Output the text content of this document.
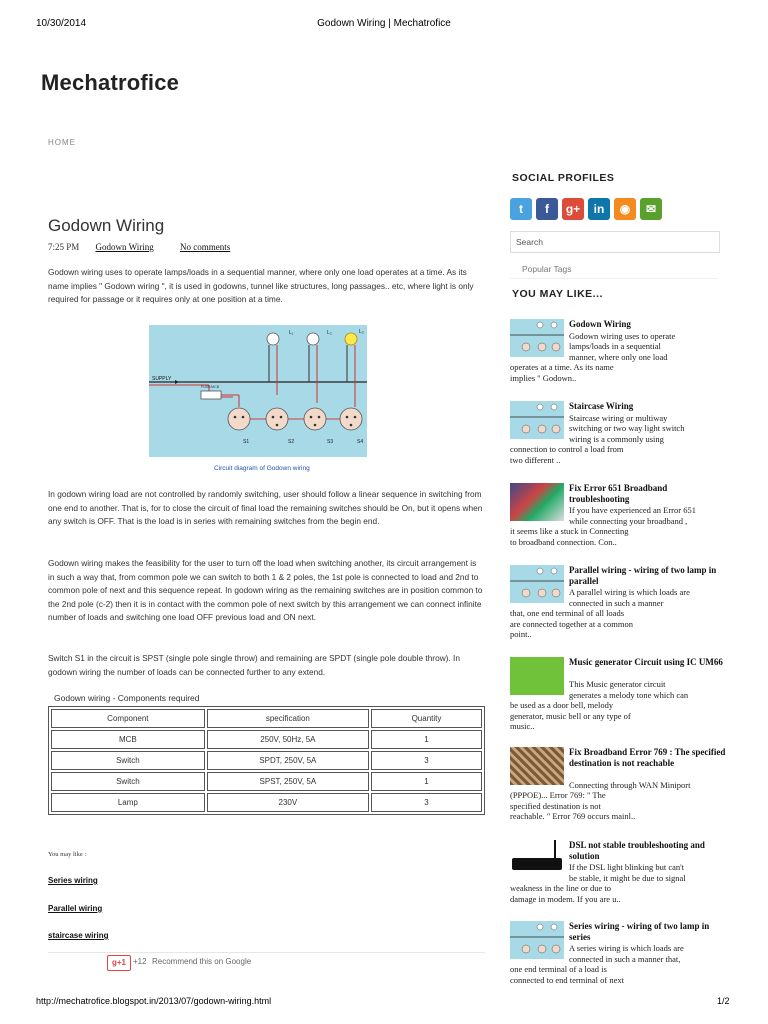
10/30/2014	Godown Wiring | Mechatrofice
Mechatrofice
HOME
Godown Wiring
7:25 PM Godown Wiring	No comments
Godown wiring uses to operate lamps/loads in a sequential manner, where only one load operates at a time. As its name implies " Godown wiring ", it is used in godowns, tunnel like structures, long passages.. etc, where light is only required for passage or it requires only at one position at a time.
FUSE/MCB
SUPPLY
L₁	L₂	L₃
S1	S2	S3	S4
Circuit diagram of Godown wiring
In godown wiring load are not controlled by randomly switching, user should follow a linear sequence in switching from one end to another. That is, for to close the circuit of final load the remaining switches should be On, but it opens when any switch is OFF. That is the load is in series with remaining switches from the begin end.
Godown wiring makes the feasibility for the user to turn off the load when switching another, its circuit arrangement is in such a way that, from common pole we can switch to both 1 & 2 poles, the 1st pole is connected to load and 2nd to common pole of next and this sequence repeat. In godown wiring as the remaining switches are in position common to the 2nd pole (c-2) then it is in contact with the common pole of next switch by this arrangement we can connect infinite number of loads and switching one load OFF previous load and ON next.
Switch S1 in the circuit is SPST (single pole single throw) and remaining are SPDT (single pole double throw). In godown wiring the number of loads can be connected further to any extend.
Godown wiring - Components required
Component	specification	Quantity
MCB	250V, 50Hz, 5A	1
Switch	SPDT, 250V, 5A	3
Switch	SPST, 250V, 5A	1
Lamp	230V	3
You may like :
Series wiring
Parallel wiring
staircase wiring
g+1 +12 Recommend this on Google
SOCIAL PROFILES
t	f	g+	in	◉	✉
Search
Popular Tags
YOU MAY LIKE...
Godown Wiring
Godown wiring uses to operate
lamps/loads in a sequential
manner, where only one load
operates at a time. As its name
implies " Godown..
Staircase Wiring
Staircase wiring or multiway
switching or two way light switch
wiring is a commonly using
connection to control a load from
two different ..
Fix Error 651 Broadband troubleshooting
If you have experienced an Error 651
while connecting your broadband ,
it seems like a stuck in Connecting
to broadband connection. Con..
Parallel wiring - wiring of two lamp in parallel
A parallel wiring is which loads are
connected in such a manner
that, one end terminal of all loads
are connected together at a common
point..
Music generator Circuit using IC UM66
This Music generator circuit
generates a melody tone which can
be used as a door bell, melody
generator, music bell or any type of
music..
Fix Broadband Error 769 : The specified destination is not reachable
Connecting through WAN Miniport
(PPPOE)... Error 769: " The
specified destination is not
reachable. " Error 769 occurs mainl..
DSL not stable troubleshooting and solution
If the DSL light blinking but can't
be stable, it might be due to signal
weakness in the line or due to
damage in modem. If you are u..
Series wiring - wiring of two lamp in series
A series wiring is which loads are
connected in such a manner that,
one end terminal of a load is
connected to end terminal of next
http://mechatrofice.blogspot.in/2013/07/godown-wiring.html	1/2
